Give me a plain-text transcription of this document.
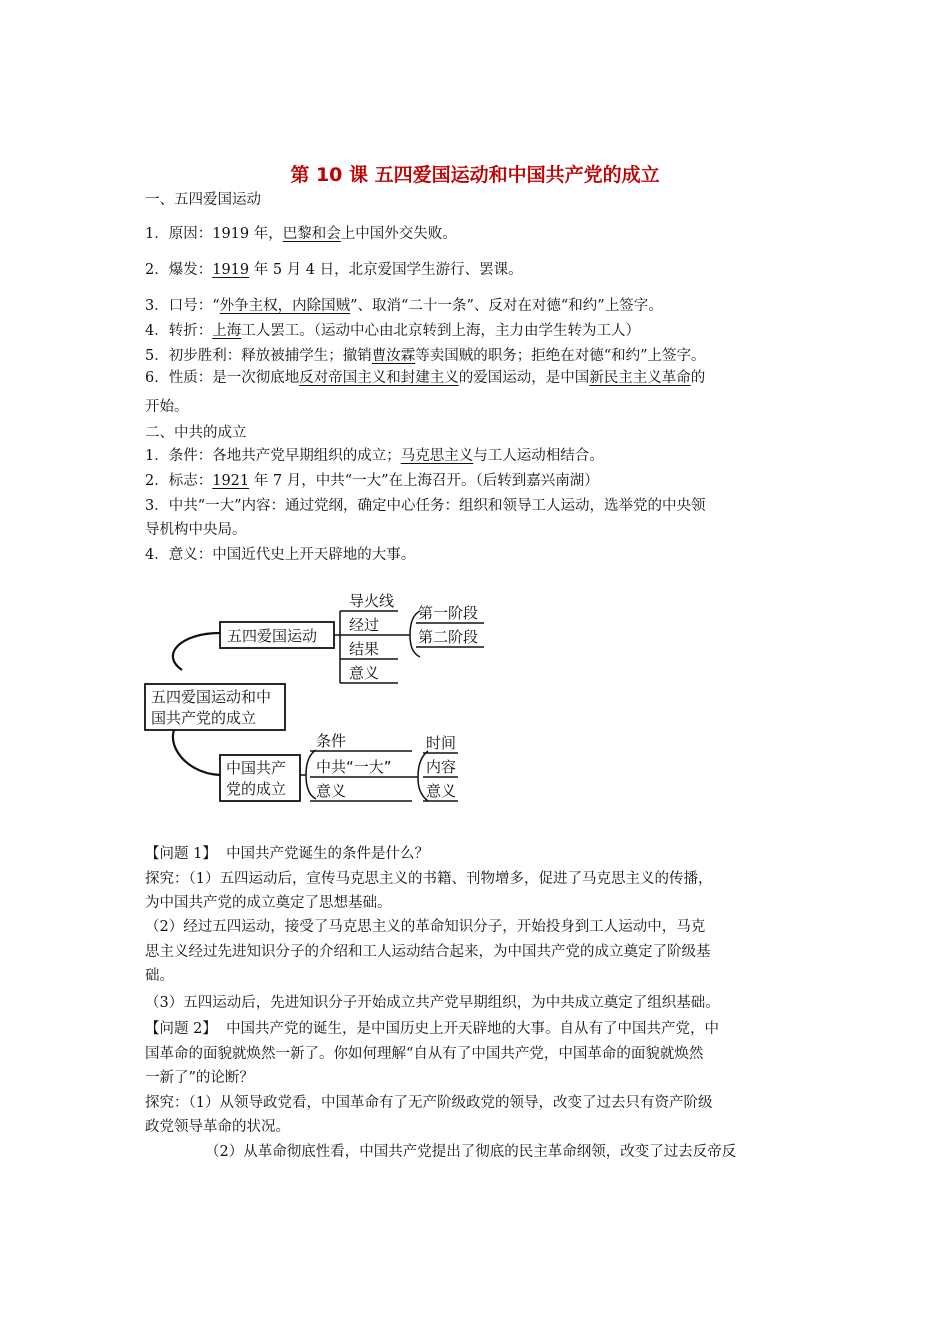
第 10 课 五四爱国运动和中国共产党的成立
一、五四爱国运动
1．原因：1919 年，巴黎和会上中国外交失败。
2．爆发：1919 年 5 月 4 日，北京爱国学生游行、罢课。
3．口号：“外争主权，内除国贼”、取消“二十一条”、反对在对德“和约”上签字。
4．转折：上海工人罢工。（运动中心由北京转到上海，主力由学生转为工人）
5．初步胜利：释放被捕学生；撤销曹汝霖等卖国贼的职务；拒绝在对德“和约”上签字。
6．性质：是一次彻底地反对帝国主义和封建主义的爱国运动，是中国新民主主义革命的
开始。
二、中共的成立
1．条件：各地共产党早期组织的成立；马克思主义与工人运动相结合。
2．标志：1921 年 7 月，中共“一大”在上海召开。（后转到嘉兴南湖）
3．中共“一大”内容：通过党纲，确定中心任务：组织和领导工人运动，选举党的中央领
导机构中央局。
4．意义：中国近代史上开天辟地的大事。
五四爱国运动和中
国共产党的成立
五四爱国运动
导火线
经过
结果
意义
第一阶段
第二阶段
中国共产
党的成立
条件
中共“一大”
意义
时间
内容
意义
【问题 1】 中国共产党诞生的条件是什么？
探究：（1）五四运动后，宣传马克思主义的书籍、刊物增多，促进了马克思主义的传播，
为中国共产党的成立奠定了思想基础。
（2）经过五四运动，接受了马克思主义的革命知识分子，开始投身到工人运动中，马克
思主义经过先进知识分子的介绍和工人运动结合起来，为中国共产党的成立奠定了阶级基
础。
（3）五四运动后，先进知识分子开始成立共产党早期组织，为中共成立奠定了组织基础。
【问题 2】 中国共产党的诞生，是中国历史上开天辟地的大事。自从有了中国共产党，中
国革命的面貌就焕然一新了。你如何理解“自从有了中国共产党，中国革命的面貌就焕然
一新了”的论断？
探究：（1）从领导政党看，中国革命有了无产阶级政党的领导，改变了过去只有资产阶级
政党领导革命的状况。
（2）从革命彻底性看，中国共产党提出了彻底的民主革命纲领，改变了过去反帝反
